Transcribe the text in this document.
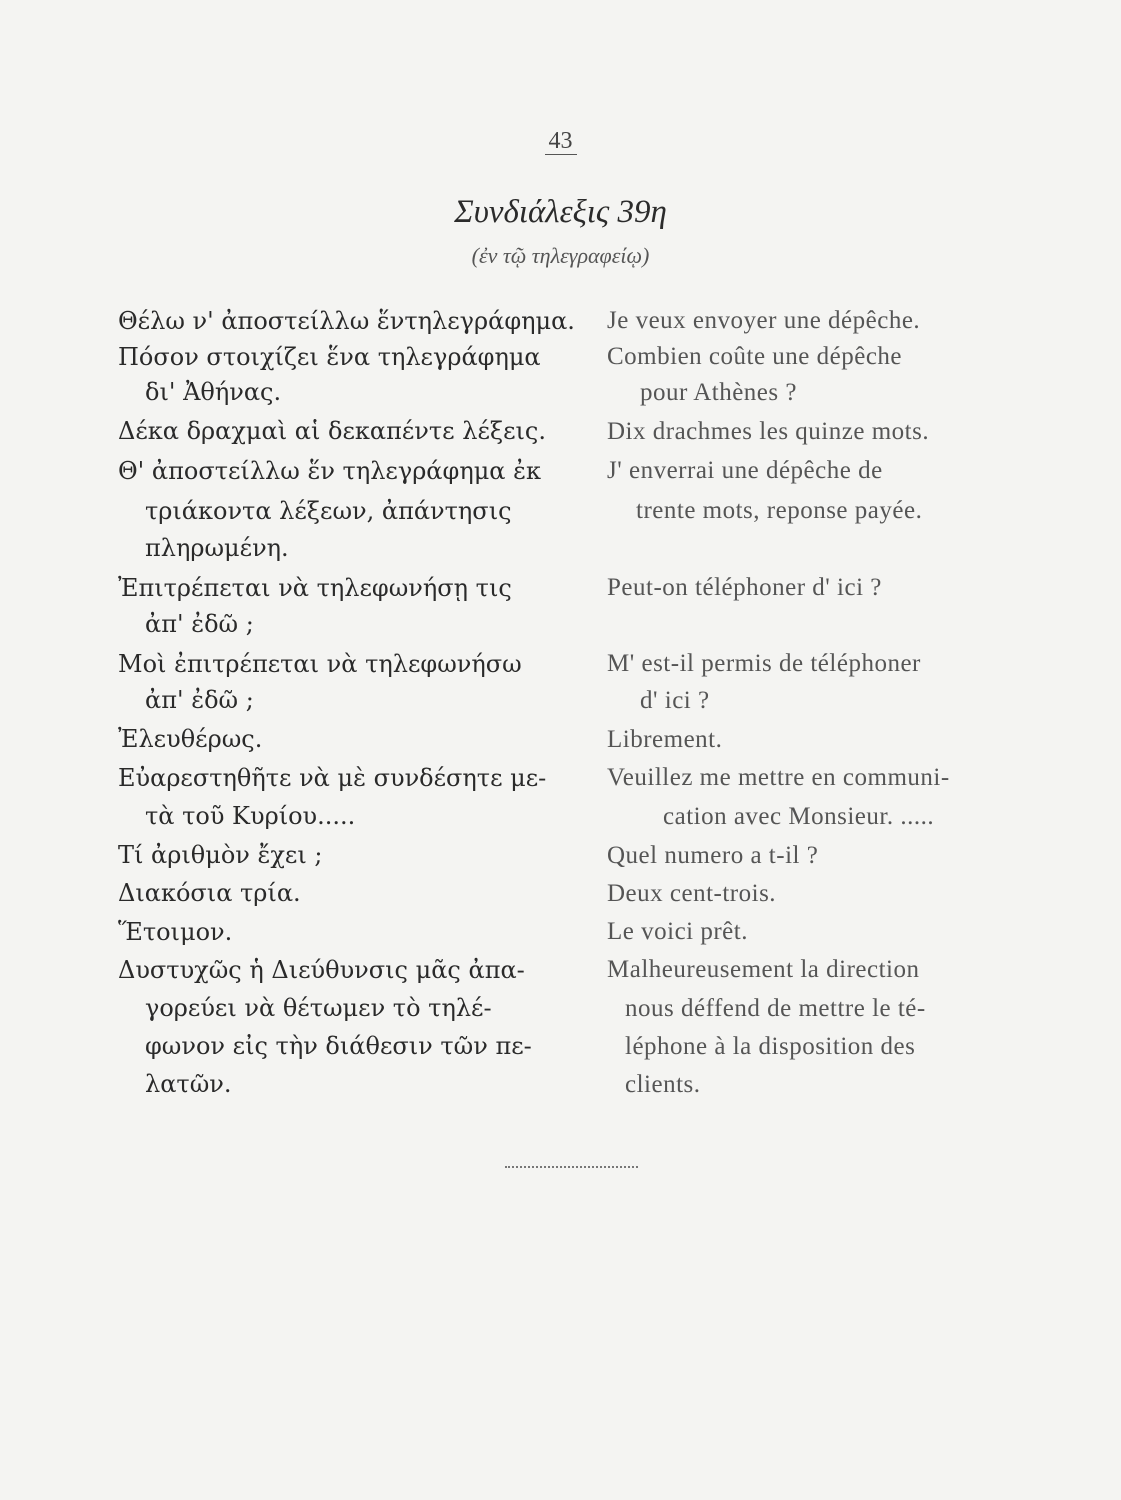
43
Συνδιάλεξις 39η
(ἐν τῷ τηλεγραφείῳ)
Θέλω ν' ἀποστείλλω ἕντηλεγράφημα.
Πόσον στοιχίζει ἕνα τηλεγράφημα
δι' Ἀθήνας.
Δέκα δραχμαὶ αἱ δεκαπέντε λέξεις.
Θ' ἀποστείλλω ἕν τηλεγράφημα ἐκ
τριάκοντα λέξεων, ἀπάντησις
πληρωμένη.
Ἐπιτρέπεται νὰ τηλεφωνήσῃ τις
ἀπ' ἐδῶ ;
Μοὶ ἐπιτρέπεται νὰ τηλεφωνήσω
ἀπ' ἐδῶ ;
Ἐλευθέρως.
Εὐαρεστηθῆτε νὰ μὲ συνδέσητε με-
τὰ τοῦ Κυρίου.....
Τί ἀριθμὸν ἔχει ;
Διακόσια τρία.
Ἕτοιμον.
Δυστυχῶς ἡ Διεύθυνσις μᾶς ἀπα-
γορεύει νὰ θέτωμεν τὸ τηλέ-
φωνον εἰς τὴν διάθεσιν τῶν πε-
λατῶν.
Je veux envoyer une dépêche.
Combien coûte une dépêche
pour Athènes ?
Dix drachmes les quinze mots.
J' enverrai une dépêche de
trente mots, reponse payée.
Peut-on téléphoner d' ici ?
M' est-il permis de téléphoner
d' ici ?
Librement.
Veuillez me mettre en communi-
cation avec Monsieur. .....
Quel numero a t-il ?
Deux cent-trois.
Le voici prêt.
Malheureusement la direction
nous déffend de mettre le té-
léphone à la disposition des
clients.
